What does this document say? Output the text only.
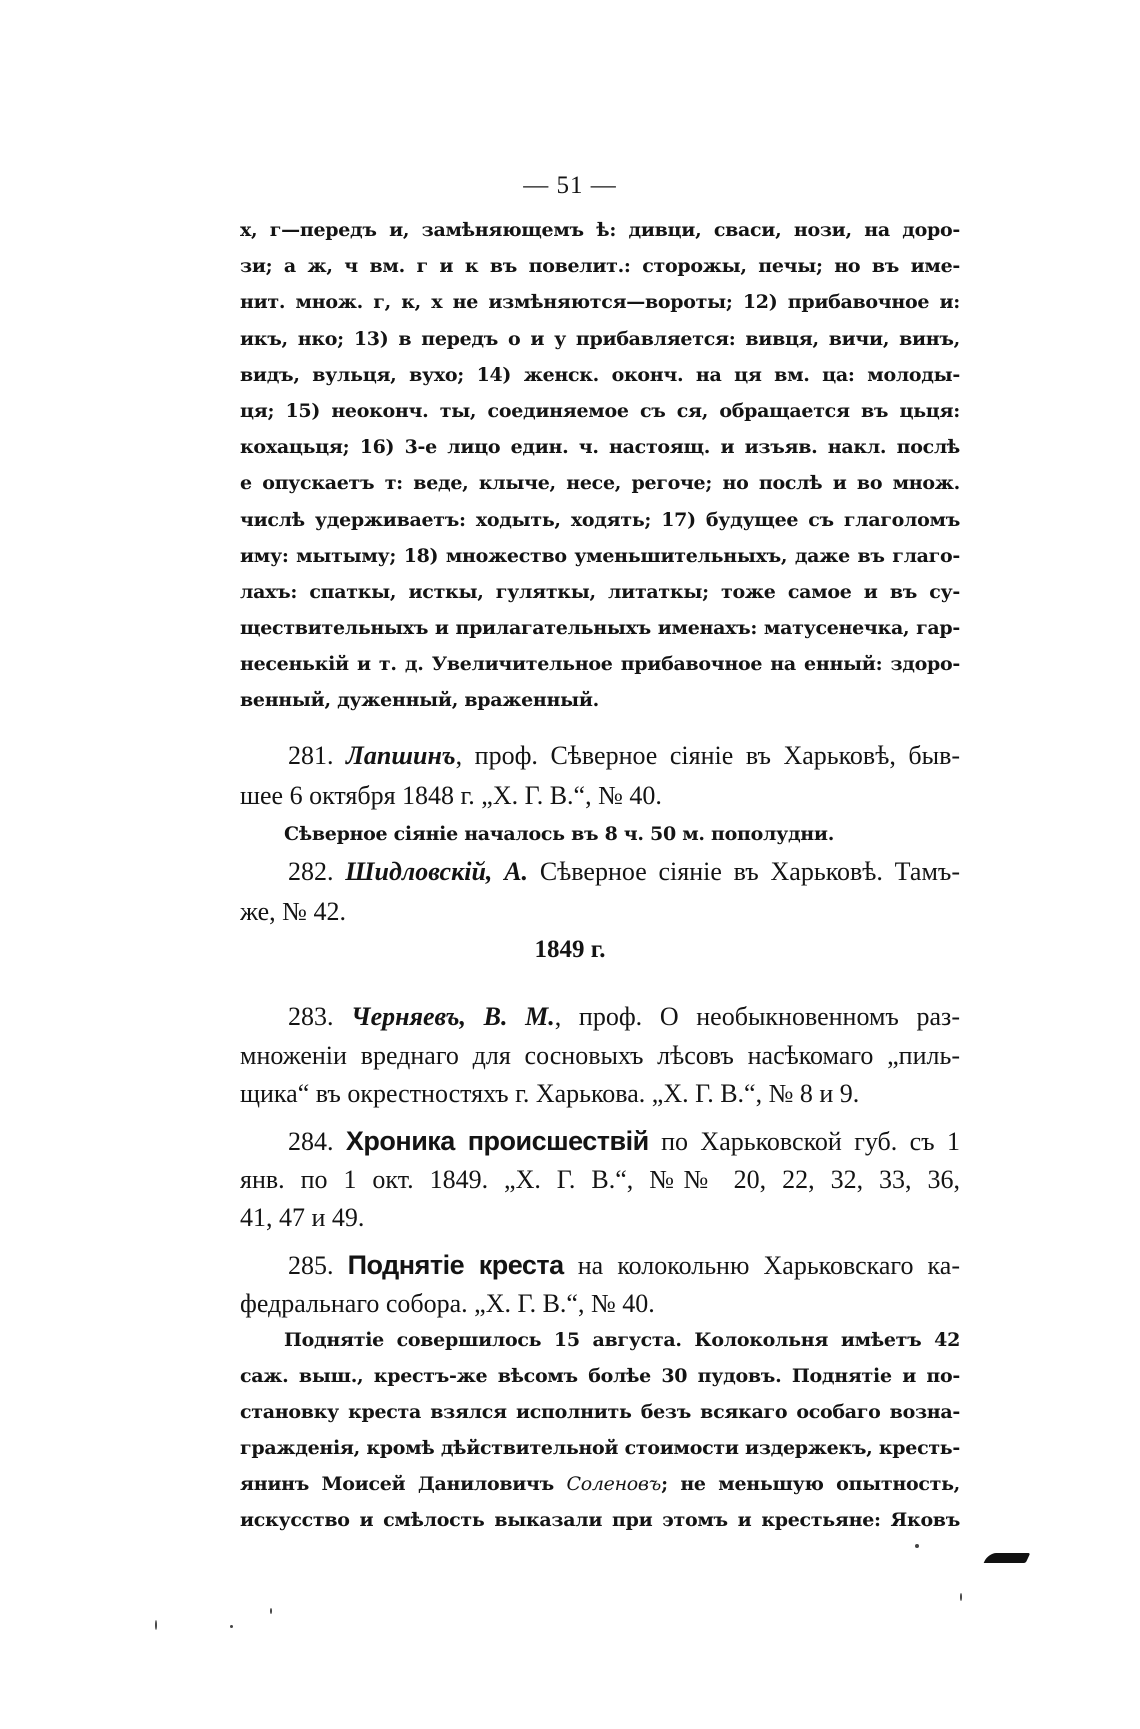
— 51 —
х, г—передъ и, замѣняющемъ ѣ: дивци, сваси, нози, на доро-
зи; а ж, ч вм. г и к въ повелит.: сторожы, печы; но въ име-
нит. множ. г, к, х не измѣняются—вороты; 12) прибавочное и:
икъ, нко; 13) в передъ о и у прибавляется: вивця, вичи, винъ,
видъ, вульця, вухо; 14) женск. оконч. на ця вм. ца: молоды-
ця; 15) неоконч. ты, соединяемое съ ся, обращается въ цьця:
кохацьця; 16) 3-е лицо един. ч. настоящ. и изъяв. накл. послѣ
е опускаетъ т: веде, клыче, несе, регоче; но послѣ и во множ.
числѣ удерживаетъ: ходыть, ходять; 17) будущее съ глаголомъ
иму: мытыму; 18) множество уменьшительныхъ, даже въ глаго-
лахъ: спаткы, исткы, гуляткы, литаткы; тоже самое и въ су-
ществительныхъ и прилагательныхъ именахъ: матусенечка, гар-
несенькій и т. д. Увеличительное прибавочное на енный: здоро-
венный, дуженный, враженный.
281. Лапшинъ, проф. Сѣверное сіяніе въ Харьковѣ, быв-
шее 6 октября 1848 г. „Х. Г. В.“, № 40.
Сѣверное сіяніе началось въ 8 ч. 50 м. пополудни.
282. Шидловскій, А. Сѣверное сіяніе въ Харьковѣ. Тамъ-
же, № 42.
1849 г.
283. Черняевъ, В. М., проф. О необыкновенномъ раз-
множеніи вреднаго для сосновыхъ лѣсовъ насѣкомаго „пиль-
щика“ въ окрестностяхъ г. Харькова. „Х. Г. В.“, № 8 и 9.
284. Хроника происшествій по Харьковской губ. съ 1
янв. по 1 окт. 1849. „Х. Г. В.“, №№ 20, 22, 32, 33, 36,
41, 47 и 49.
285. Поднятіе креста на колокольню Харьковскаго ка-
федральнаго собора. „Х. Г. В.“, № 40.
Поднятіе совершилось 15 августа. Колокольня имѣетъ 42
саж. выш., крестъ-же вѣсомъ болѣе 30 пудовъ. Поднятіе и по-
становку креста взялся исполнить безъ всякаго особаго возна-
гражденія, кромѣ дѣйствительной стоимости издержекъ, кресть-
янинъ Моисей Даниловичъ Соленовъ; не меньшую опытность,
искусство и смѣлость выказали при этомъ и крестьяне: Яковъ
